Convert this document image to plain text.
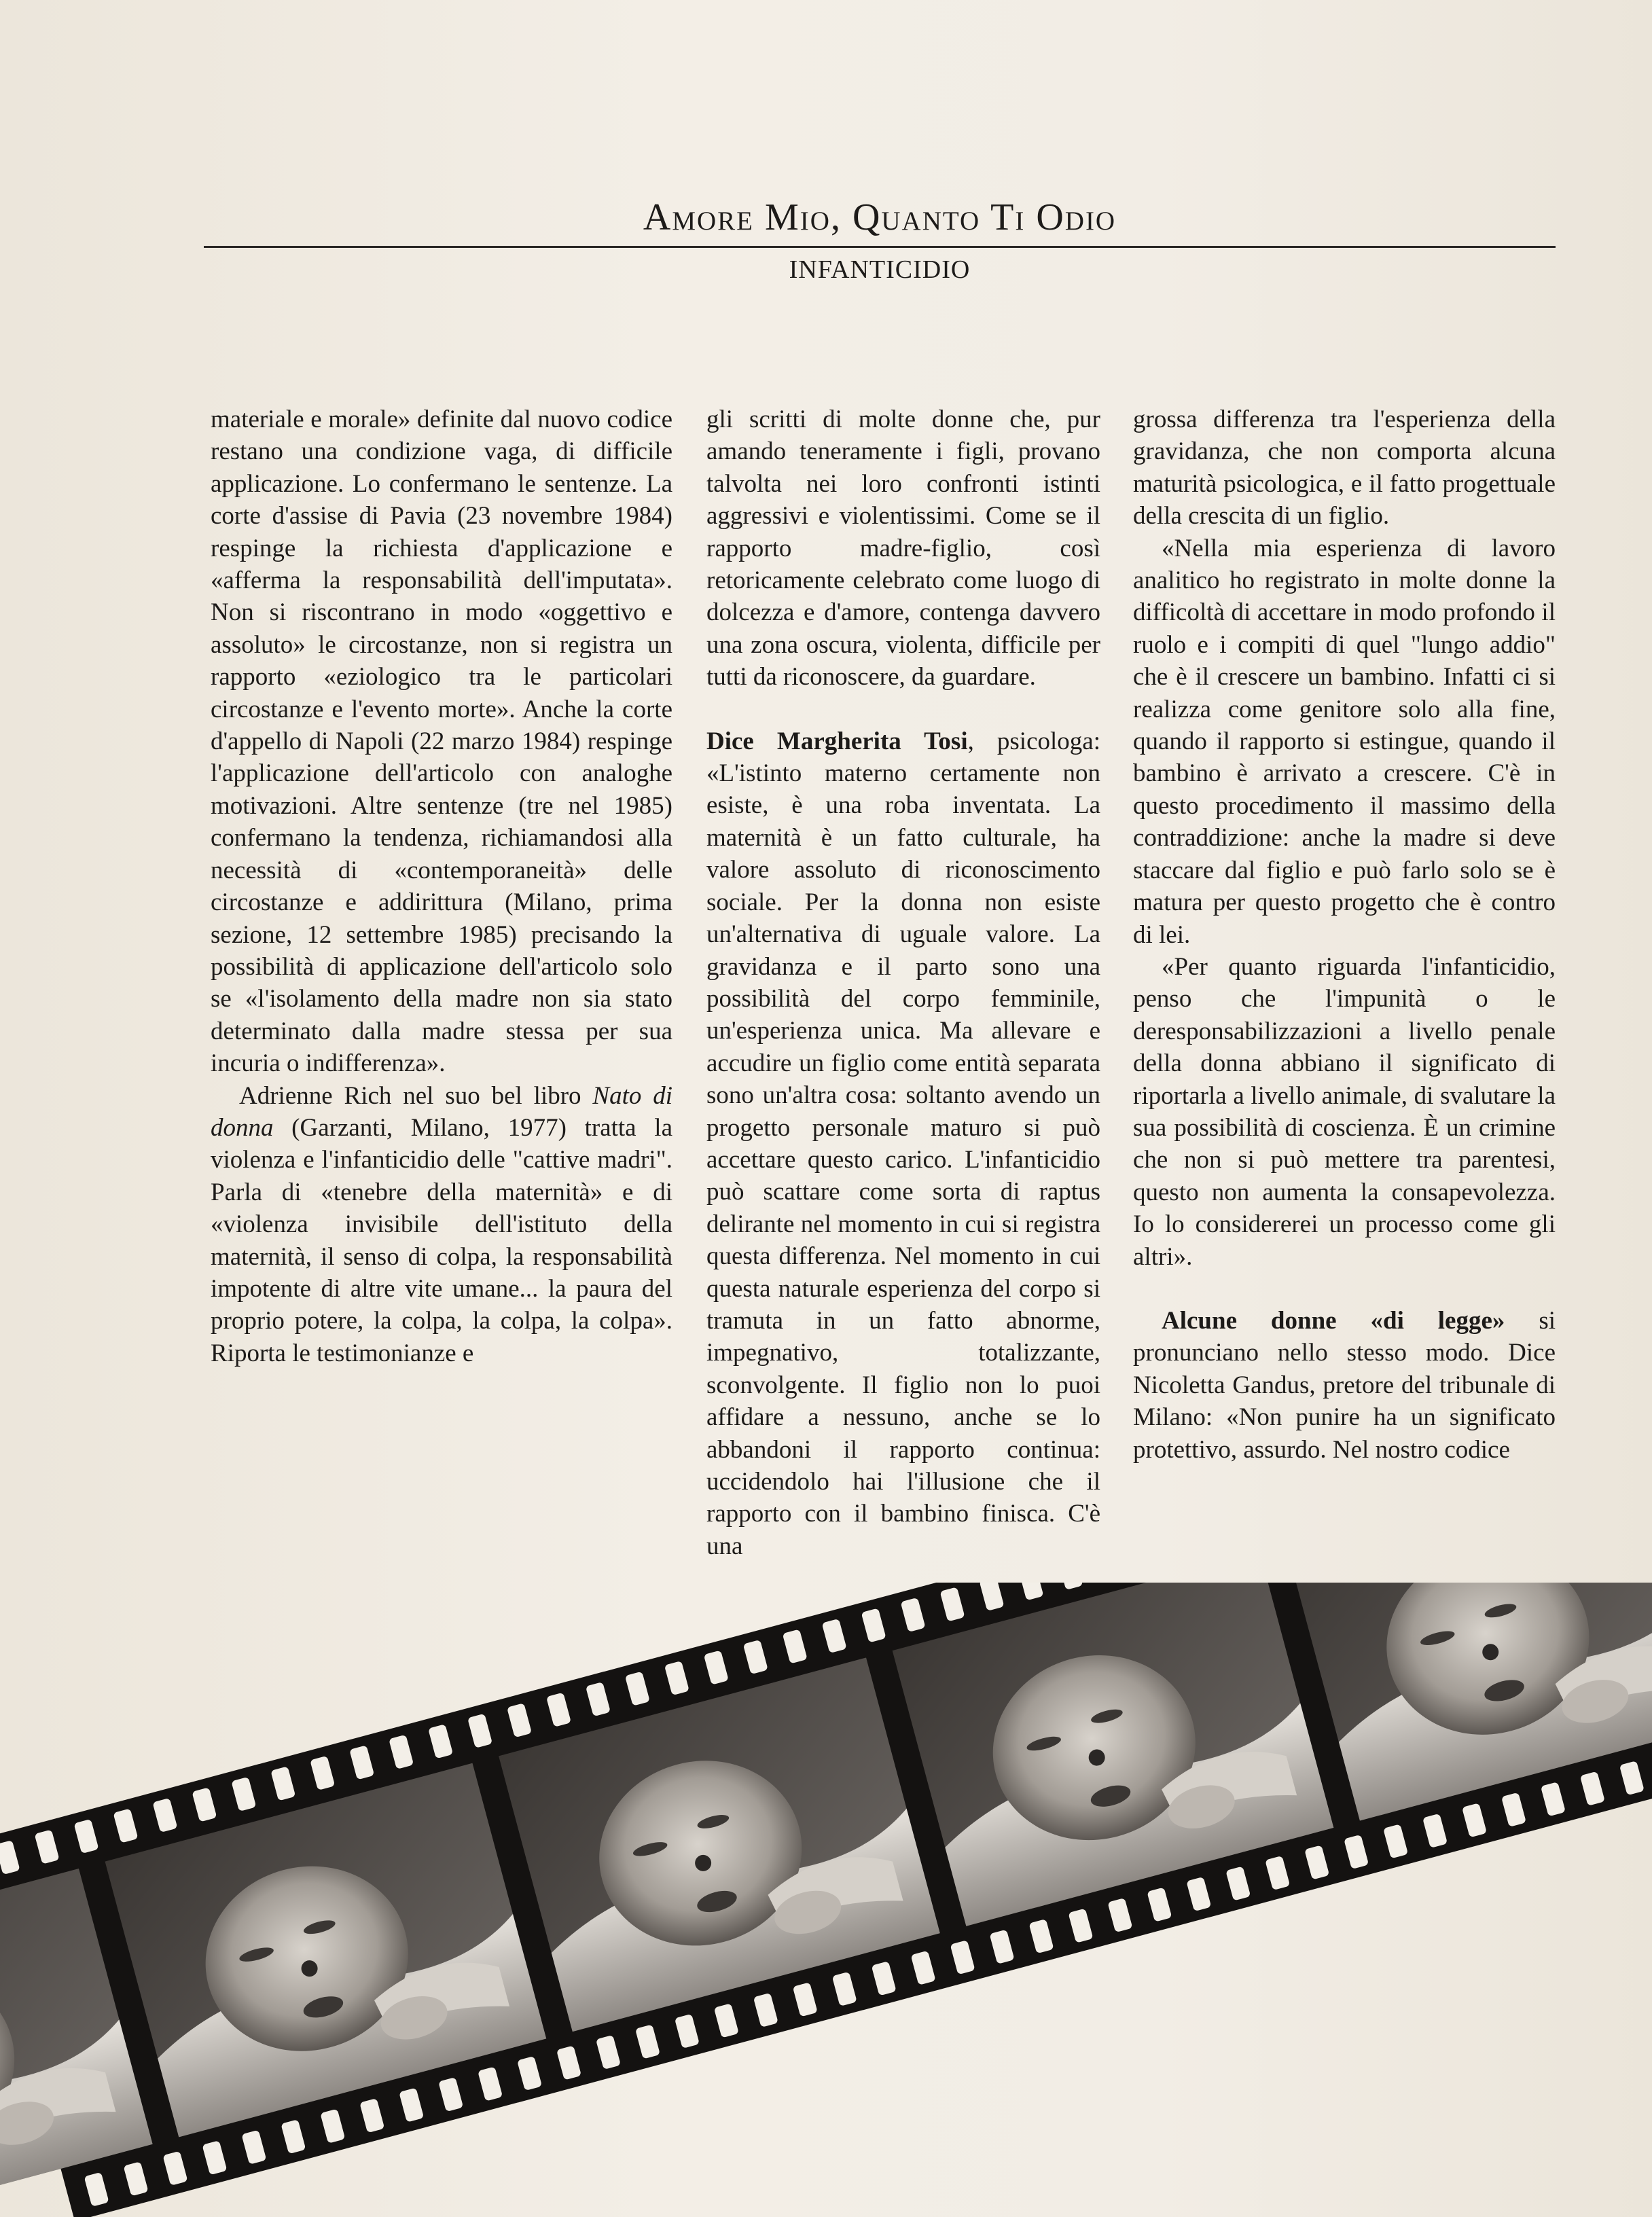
Amore Mio, Quanto Ti Odio
INFANTICIDIO

materiale e morale» definite dal nuovo codice restano una condizione vaga, di difficile applicazione. Lo confermano le sentenze. La corte d'assise di Pavia (23 novembre 1984) respinge la richiesta d'applicazione e «afferma la responsabilità dell'imputata». Non si riscontrano in modo «oggettivo e assoluto» le circostanze, non si registra un rapporto «eziologico tra le particolari circostanze e l'evento morte». Anche la corte d'appello di Napoli (22 marzo 1984) respinge l'applicazione dell'articolo con analoghe motivazioni. Altre sentenze (tre nel 1985) confermano la tendenza, richiamandosi alla necessità di «contemporaneità» delle circostanze e addirittura (Milano, prima sezione, 12 settembre 1985) precisando la possibilità di applicazione dell'articolo solo se «l'isolamento della madre non sia stato determinato dalla madre stessa per sua incuria o indifferenza».

Adrienne Rich nel suo bel libro Nato di donna (Garzanti, Milano, 1977) tratta la violenza e l'infanticidio delle "cattive madri". Parla di «tenebre della maternità» e di «violenza invisibile dell'istituto della maternità, il senso di colpa, la responsabilità impotente di altre vite umane... la paura del proprio potere, la colpa, la colpa, la colpa». Riporta le testimonianze e

gli scritti di molte donne che, pur amando teneramente i figli, provano talvolta nei loro confronti istinti aggressivi e violentissimi. Come se il rapporto madre-figlio, così retoricamente celebrato come luogo di dolcezza e d'amore, contenga davvero una zona oscura, violenta, difficile per tutti da riconoscere, da guardare.

Dice Margherita Tosi, psicologa: «L'istinto materno certamente non esiste, è una roba inventata. La maternità è un fatto culturale, ha valore assoluto di riconoscimento sociale. Per la donna non esiste un'alternativa di uguale valore. La gravidanza e il parto sono una possibilità del corpo femminile, un'esperienza unica. Ma allevare e accudire un figlio come entità separata sono un'altra cosa: soltanto avendo un progetto personale maturo si può accettare questo carico. L'infanticidio può scattare come sorta di raptus delirante nel momento in cui si registra questa differenza. Nel momento in cui questa naturale esperienza del corpo si tramuta in un fatto abnorme, impegnativo, totalizzante, sconvolgente. Il figlio non lo puoi affidare a nessuno, anche se lo abbandoni il rapporto continua: uccidendolo hai l'illusione che il rapporto con il bambino finisca. C'è una

grossa differenza tra l'esperienza della gravidanza, che non comporta alcuna maturità psicologica, e il fatto progettuale della crescita di un figlio.

«Nella mia esperienza di lavoro analitico ho registrato in molte donne la difficoltà di accettare in modo profondo il ruolo e i compiti di quel "lungo addio" che è il crescere un bambino. Infatti ci si realizza come genitore solo alla fine, quando il rapporto si estingue, quando il bambino è arrivato a crescere. C'è in questo procedimento il massimo della contraddizione: anche la madre si deve staccare dal figlio e può farlo solo se è matura per questo progetto che è contro di lei.

«Per quanto riguarda l'infanticidio, penso che l'impunità o le deresponsabilizzazioni a livello penale della donna abbiano il significato di riportarla a livello animale, di svalutare la sua possibilità di coscienza. È un crimine che non si può mettere tra parentesi, questo non aumenta la consapevolezza. Io lo considererei un processo come gli altri».

Alcune donne «di legge» si pronunciano nello stesso modo. Dice Nicoletta Gandus, pretore del tribunale di Milano: «Non punire ha un significato protettivo, assurdo. Nel nostro codice
